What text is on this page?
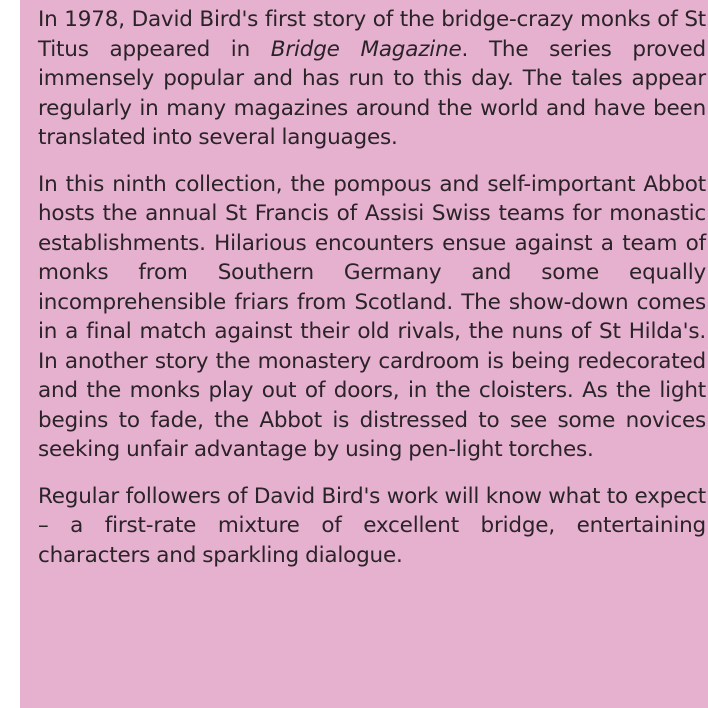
In 1978, David Bird's first story of the bridge-crazy monks of St Titus appeared in Bridge Magazine. The series proved immensely popular and has run to this day. The tales appear regularly in many magazines around the world and have been translated into several languages.

In this ninth collection, the pompous and self-important Abbot hosts the annual St Francis of Assisi Swiss teams for monastic establishments. Hilarious encounters ensue against a team of monks from Southern Germany and some equally incomprehensible friars from Scotland. The show-down comes in a final match against their old rivals, the nuns of St Hilda's. In another story the monastery cardroom is being redecorated and the monks play out of doors, in the cloisters. As the light begins to fade, the Abbot is distressed to see some novices seeking unfair advantage by using pen-light torches.

Regular followers of David Bird's work will know what to expect – a first-rate mixture of excellent bridge, entertaining characters and sparkling dialogue.
